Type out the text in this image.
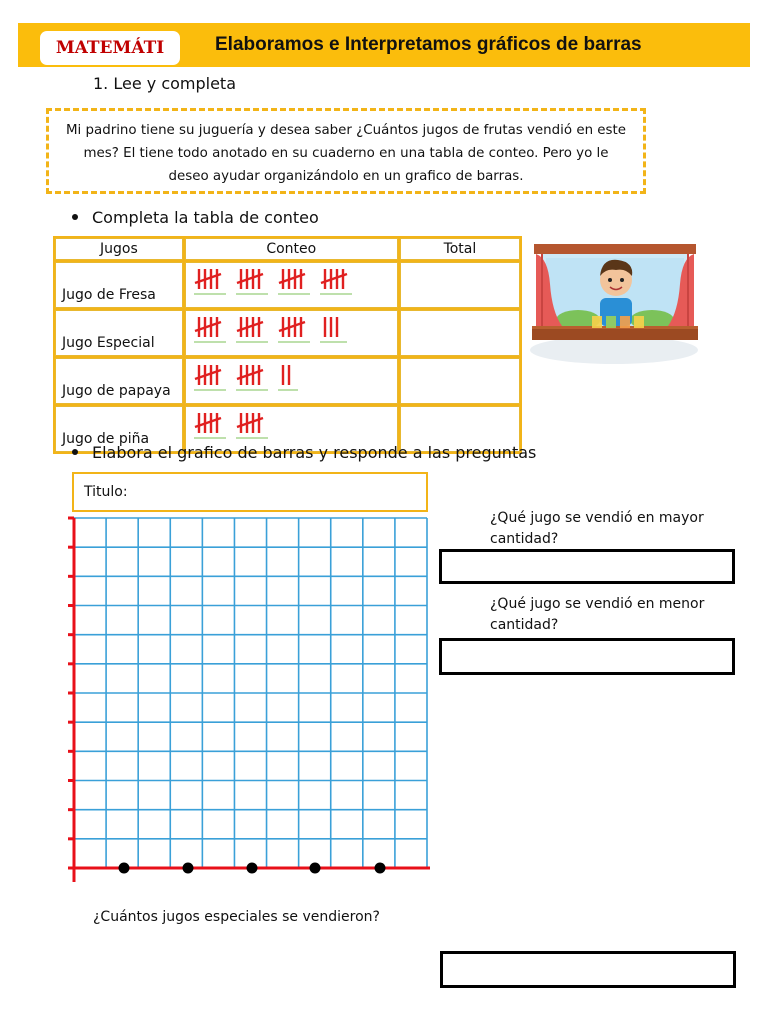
MATEMÁTI	Elaboramos e Interpretamos gráficos de barras
1. Lee y completa
Mi padrino tiene su juguería y desea saber ¿Cuántos jugos de frutas vendió en este mes? El tiene todo anotado en su cuaderno en una tabla de conteo. Pero yo le deseo ayudar organizándolo en un grafico de barras.
Completa la tabla de conteo
Jugos	Conteo	Total
Jugo de Fresa	

Jugo Especial	

Jugo de papaya	

Jugo de piña	

Elabora el grafico de barras y responde a las preguntas
Titulo:
¿Qué jugo se vendió en mayor cantidad?
¿Qué jugo se vendió en menor cantidad?
¿Cuántos jugos especiales se vendieron?
